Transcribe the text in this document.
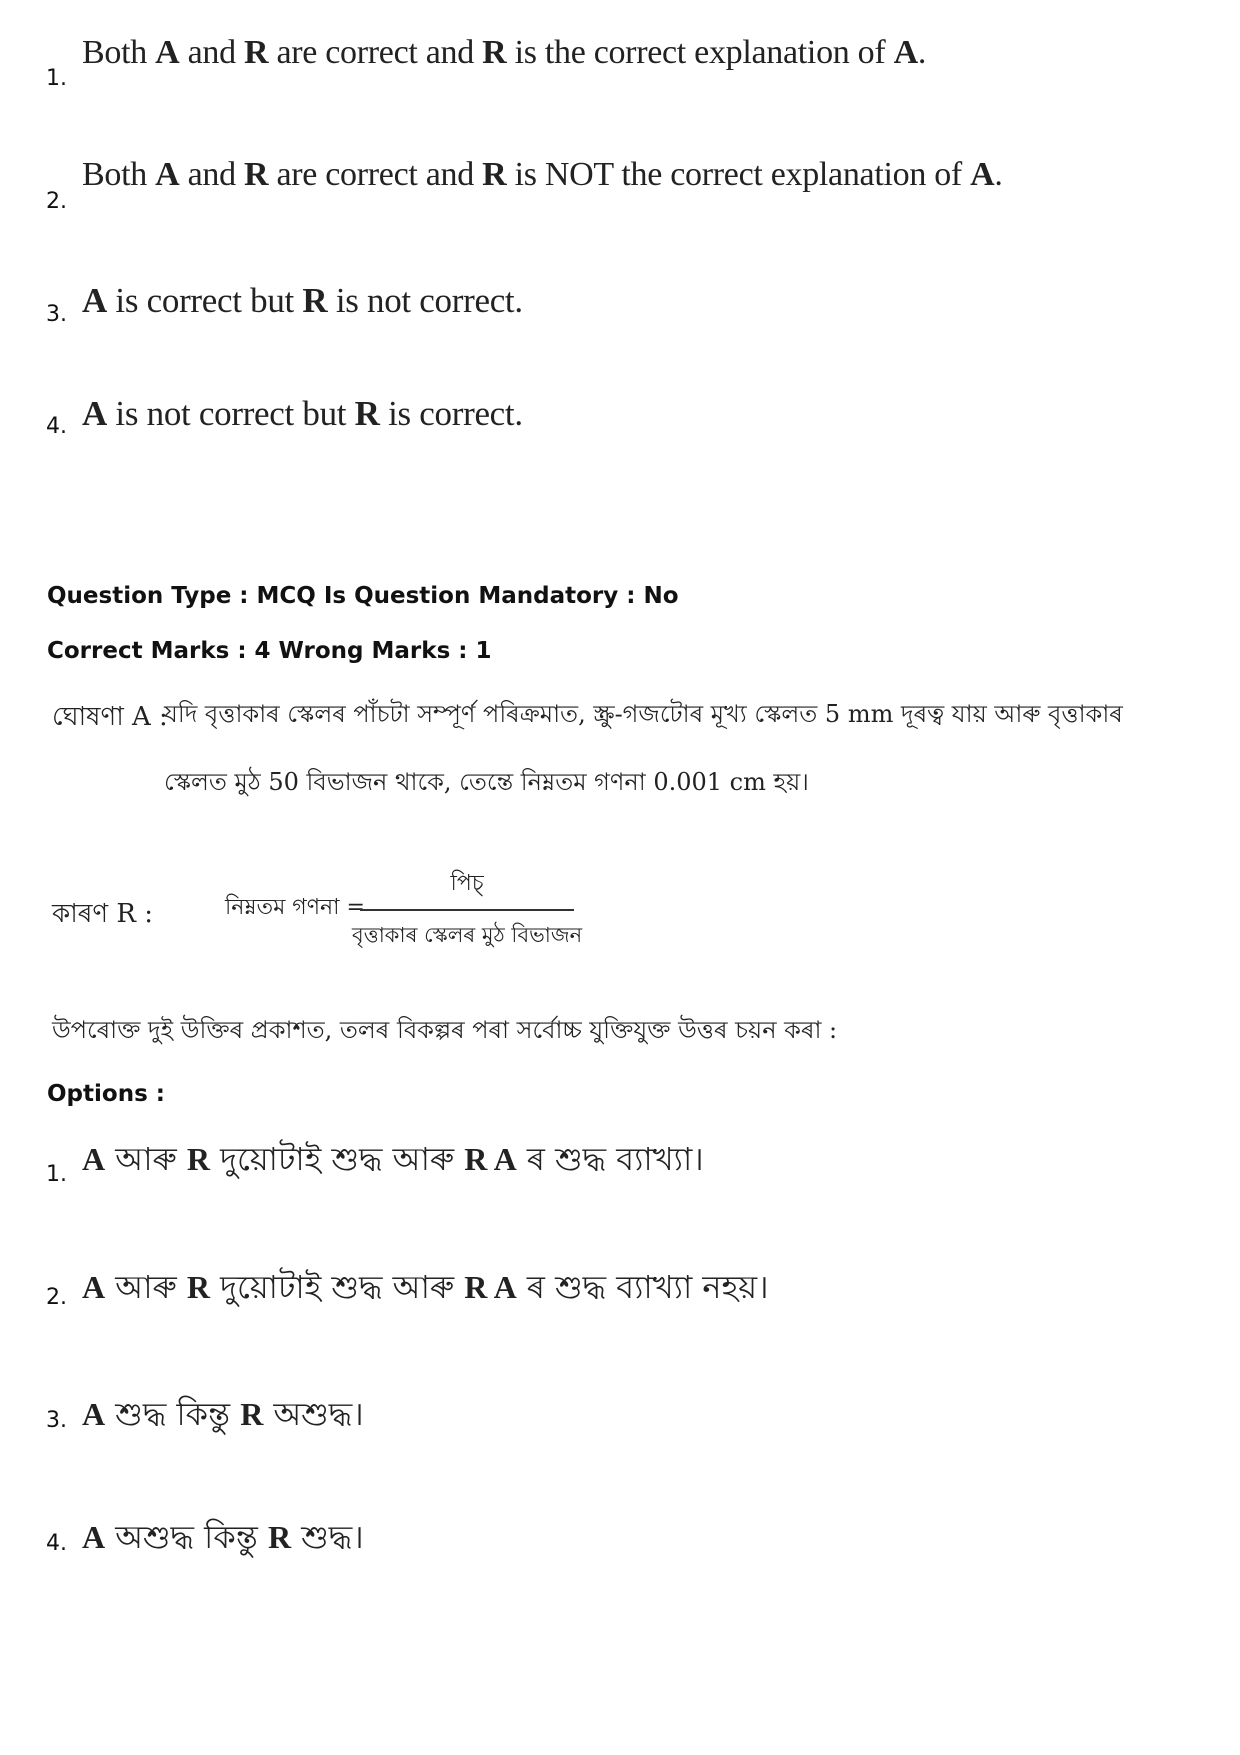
1.
Both A and R are correct and R is the correct explanation of A.
2.
Both A and R are correct and R is NOT the correct explanation of A.
3. A is correct but R is not correct.
4. A is not correct but R is correct.
Question Type : MCQ Is Question Mandatory : No
Correct Marks : 4 Wrong Marks : 1
ঘোষণা A :
যদি বৃত্তাকাৰ স্কেলৰ পাঁচটা সম্পূৰ্ণ পৰিক্ৰমাত, স্ক্ৰু-গজটোৰ মূখ্য স্কেলত 5 mm দূৰত্ব যায় আৰু বৃত্তাকাৰ
স্কেলত মুঠ 50 বিভাজন থাকে, তেন্তে নিম্নতম গণনা 0.001 cm হয়।
কাৰণ R :	নিম্নতম গণনা =
পিচ্
বৃত্তাকাৰ স্কেলৰ মুঠ বিভাজন
উপৰোক্ত দুই উক্তিৰ প্ৰকাশত, তলৰ বিকল্পৰ পৰা সৰ্বোচ্চ যুক্তিযুক্ত উত্তৰ চয়ন কৰা :
Options :
1. A আৰু R দুয়োটাই শুদ্ধ আৰু R A ৰ শুদ্ধ ব্যাখ্যা।
2. A আৰু R দুয়োটাই শুদ্ধ আৰু R A ৰ শুদ্ধ ব্যাখ্যা নহয়।
3. A শুদ্ধ কিন্তু R অশুদ্ধ।
4. A অশুদ্ধ কিন্তু R শুদ্ধ।
